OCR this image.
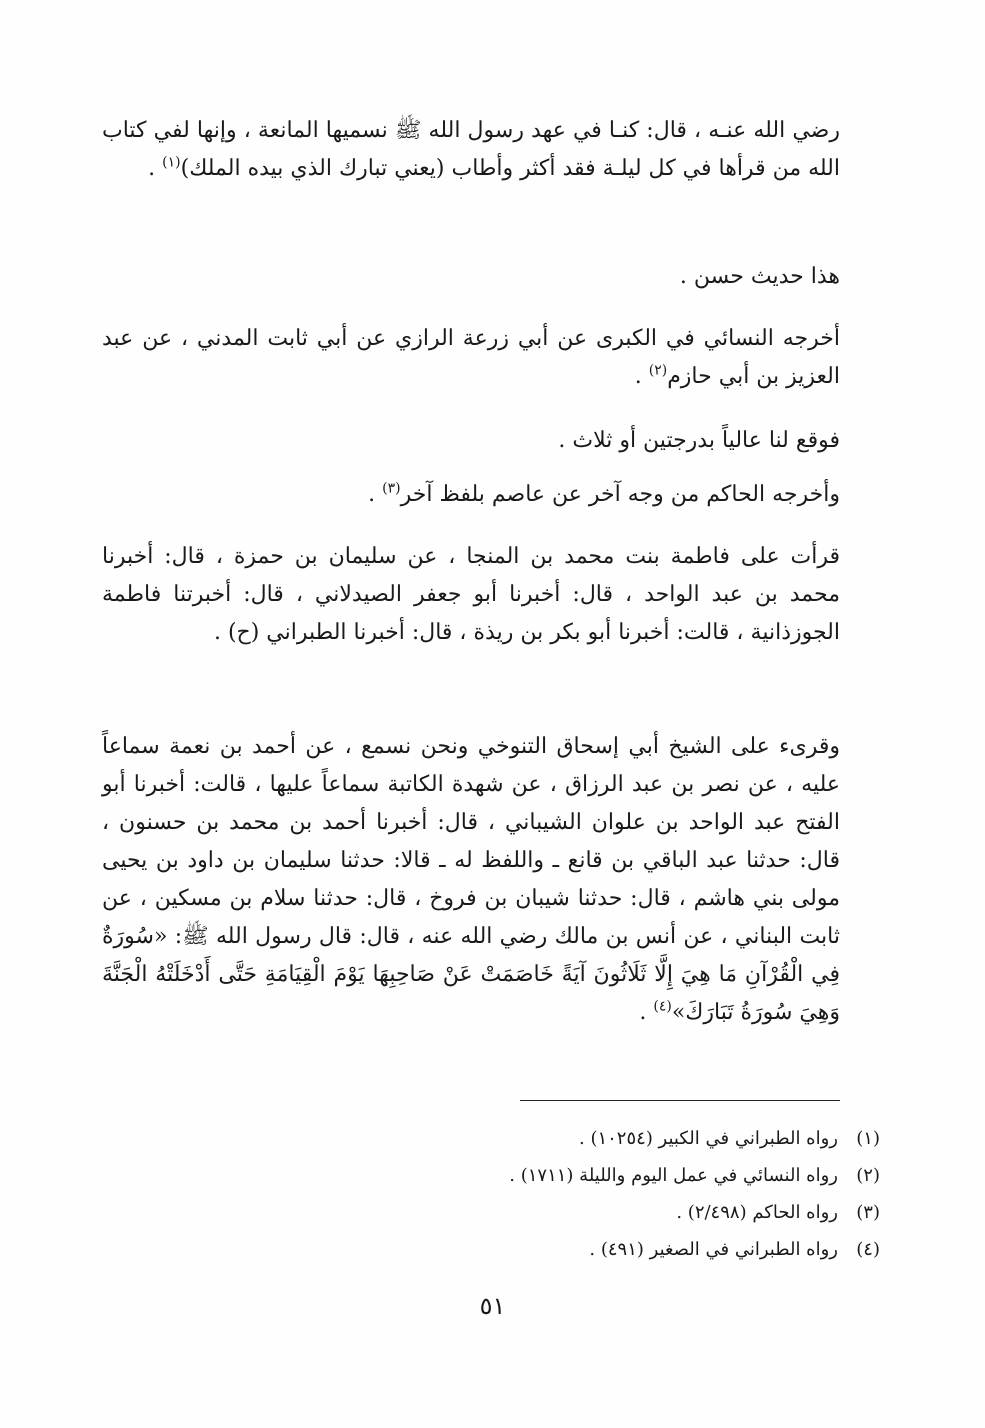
رضي الله عنـه ، قال: كنـا في عهد رسول الله ﷺ نسميها المانعة ، وإنها لفي كتاب الله من قرأها في كل ليلـة فقد أكثر وأطاب (يعني تبارك الذي بيده الملك)$^{(١)}$ .

هذا حديث حسن .

أخرجه النسائي في الكبرى عن أبي زرعة الرازي عن أبي ثابت المدني ، عن عبد العزيز بن أبي حازم$^{(٢)}$ .

فوقع لنا عالياً بدرجتين أو ثلاث .

وأخرجه الحاكم من وجه آخر عن عاصم بلفظ آخر$^{(٣)}$ .

قرأت على فاطمة بنت محمد بن المنجا ، عن سليمان بن حمزة ، قال: أخبرنا محمد بن عبد الواحد ، قال: أخبرنا أبو جعفر الصيدلاني ، قال: أخبرتنا فاطمة الجوزذانية ، قالت: أخبرنا أبو بكر بن ريذة ، قال: أخبرنا الطبراني (ح) .

وقرىء على الشيخ أبي إسحاق التنوخي ونحن نسمع ، عن أحمد بن نعمة سماعاً عليه ، عن نصر بن عبد الرزاق ، عن شهدة الكاتبة سماعاً عليها ، قالت: أخبرنا أبو الفتح عبد الواحد بن علوان الشيباني ، قال: أخبرنا أحمد بن محمد بن حسنون ، قال: حدثنا عبد الباقي بن قانع ـ واللفظ له ـ قالا: حدثنا سليمان بن داود بن يحيى مولى بني هاشم ، قال: حدثنا شيبان بن فروخ ، قال: حدثنا سلام بن مسكين ، عن ثابت البناني ، عن أنس بن مالك رضي الله عنه ، قال: قال رسول الله ﷺ: «سُورَةٌ فِي الْقُرْآنِ مَا هِيَ إِلَّا ثَلَاثُونَ آيَةً خَاصَمَتْ عَنْ صَاحِبِهَا يَوْمَ الْقِيَامَةِ حَتَّى أَدْخَلَتْهُ الْجَنَّةَ وَهِيَ سُورَةُ تَبَارَكَ»$^{(٤)}$ .

(١)رواه الطبراني في الكبير (١٠٢٥٤) .

(٢)رواه النسائي في عمل اليوم والليلة (١٧١١) .

(٣)رواه الحاكم (٢/٤٩٨) .

(٤)رواه الطبراني في الصغير (٤٩١) .

٥١
